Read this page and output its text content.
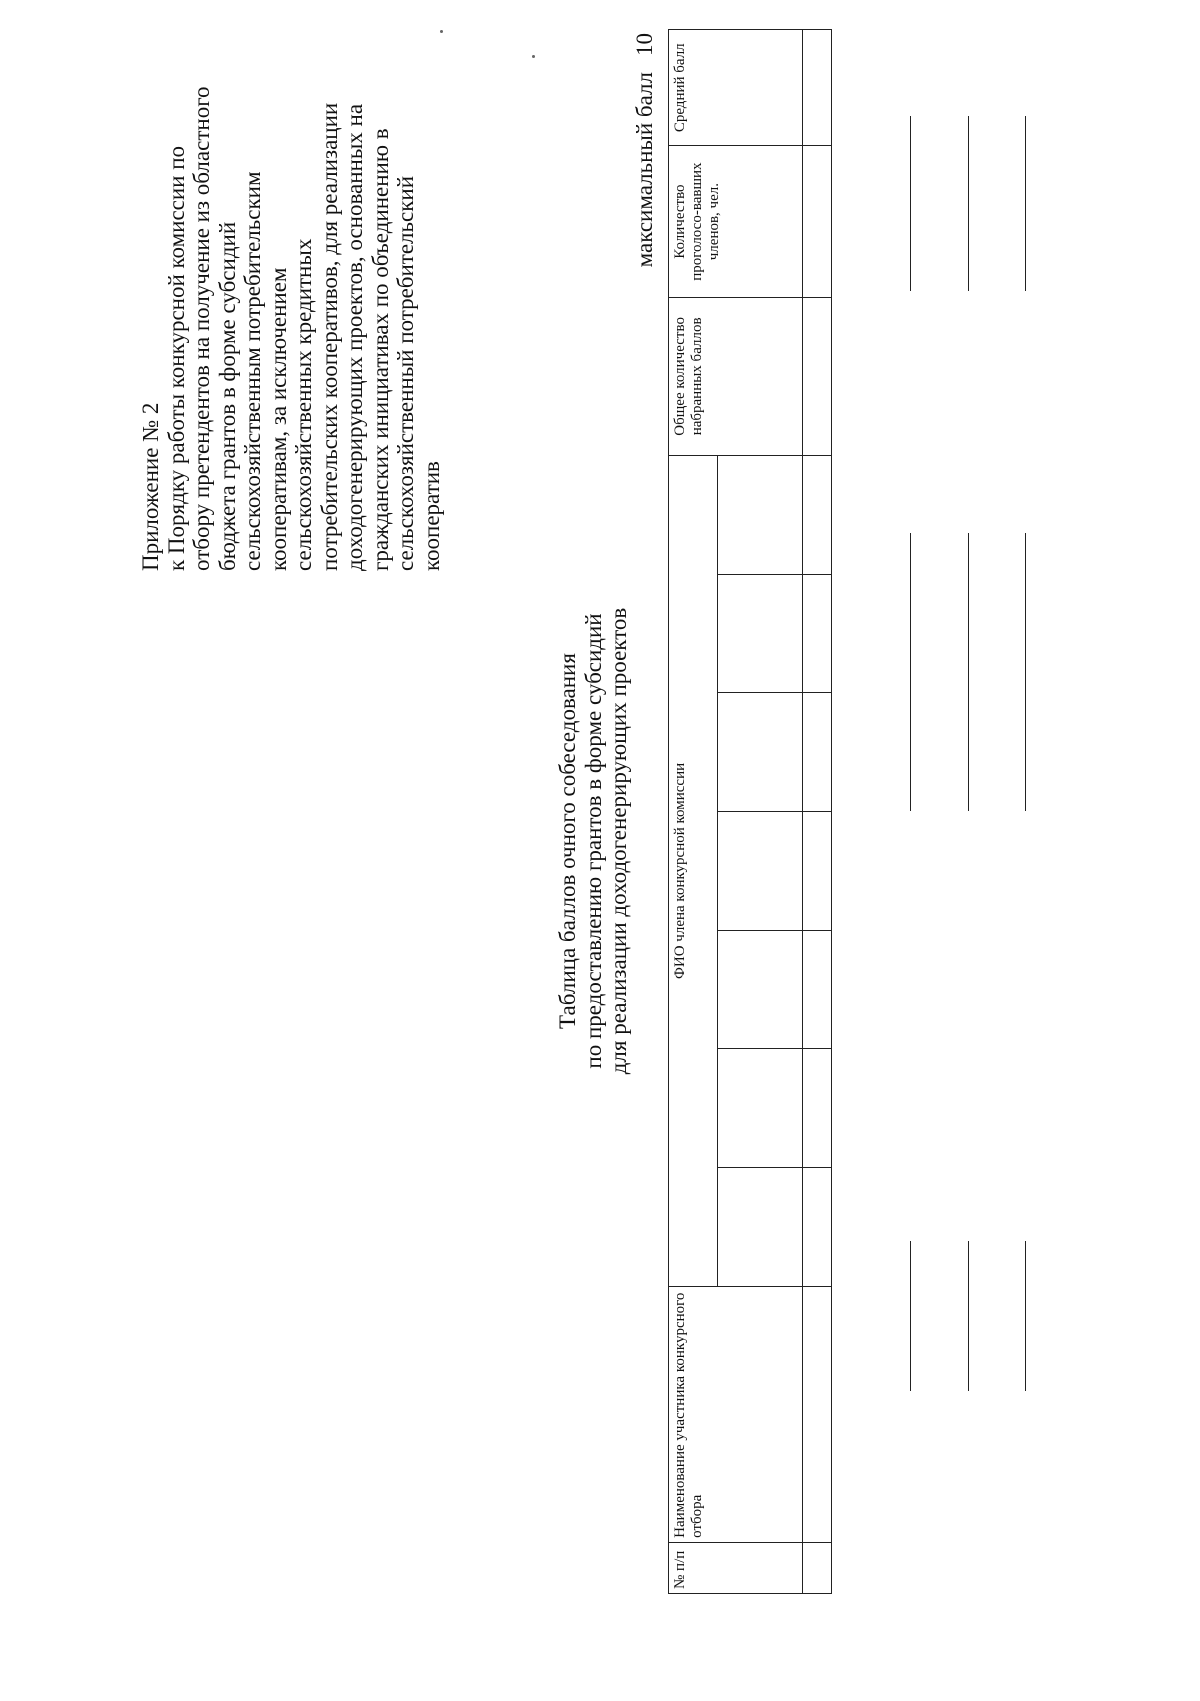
Приложение № 2 к Порядку работы конкурсной комиссии по отбору претендентов на получение из областного бюджета грантов в форме субсидий сельскохозяйственным потребительским кооперативам, за исключением сельскохозяйственных кредитных потребительских кооперативов, для реализации доходогенерирующих проектов, основанных на гражданских инициативах по объединению в сельскохозяйственный потребительский кооператив
Таблица баллов очного собеседования по предоставлению грантов в форме субсидий для реализации доходогенерирующих проектов
максимальный балл10
№ п/п	Наименование участника конкурсного отбора	ФИО члена конкурсной комиссии							Общее количество набранных баллов	Количество проголосо-вавших членов, чел.	Средний балл
